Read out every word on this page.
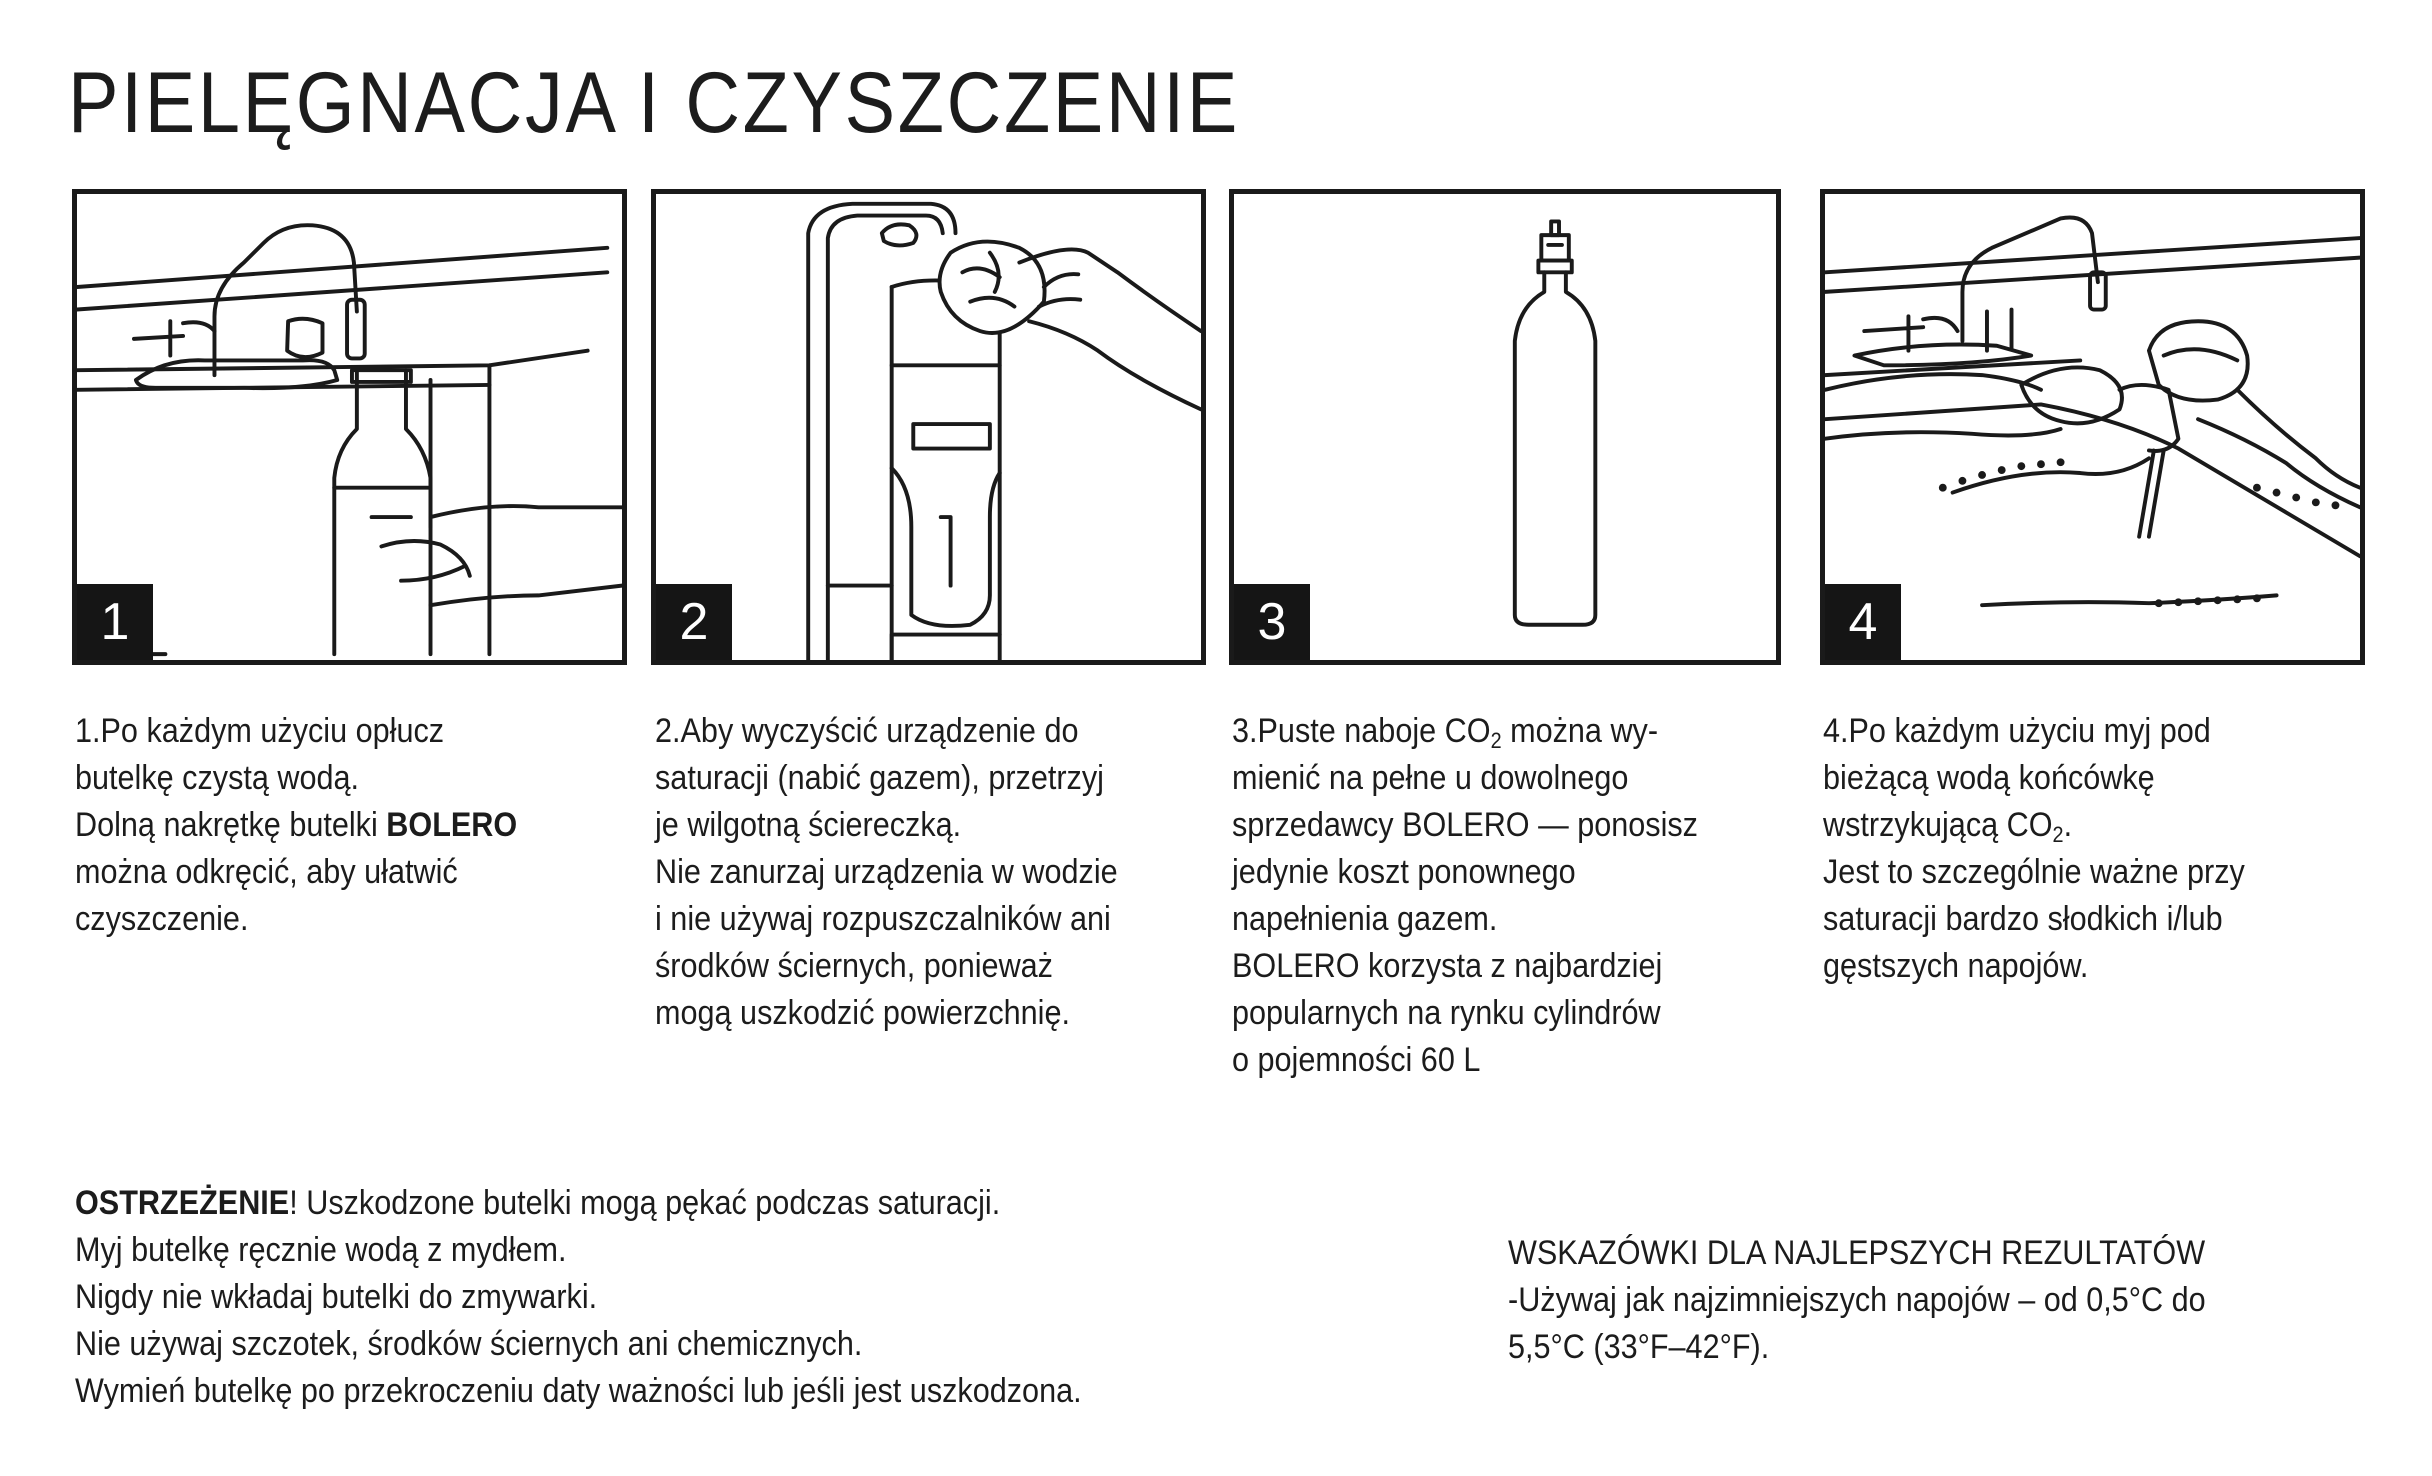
PIELĘGNACJA I CZYSZCZENIE
1	2	3	4
1.Po każdym użyciu opłucz
butelkę czystą wodą.
Dolną nakrętkę butelki BOLERO
można odkręcić, aby ułatwić
czyszczenie.
2.Aby wyczyścić urządzenie do
saturacji (nabić gazem), przetrzyj
je wilgotną ściereczką.
Nie zanurzaj urządzenia w wodzie
i nie używaj rozpuszczalników ani
środków ściernych, ponieważ
mogą uszkodzić powierzchnię.
3.Puste naboje $CO_2$ można wy-
mienić na pełne u dowolnego
sprzedawcy BOLERO — ponosisz
jedynie koszt ponownego
napełnienia gazem.
BOLERO korzysta z najbardziej
popularnych na rynku cylindrów
o pojemności 60 L
4.Po każdym użyciu myj pod
bieżącą wodą końcówkę
wstrzykującą $CO_2$.
Jest to szczególnie ważne przy
saturacji bardzo słodkich i/lub
gęstszych napojów.
OSTRZEŻENIE! Uszkodzone butelki mogą pękać podczas saturacji.
Myj butelkę ręcznie wodą z mydłem.
Nigdy nie wkładaj butelki do zmywarki.
Nie używaj szczotek, środków ściernych ani chemicznych.
Wymień butelkę po przekroczeniu daty ważności lub jeśli jest uszkodzona.
WSKAZÓWKI DLA NAJLEPSZYCH REZULTATÓW
-Używaj jak najzimniejszych napojów – od 0,5°C do
5,5°C (33°F–42°F).
